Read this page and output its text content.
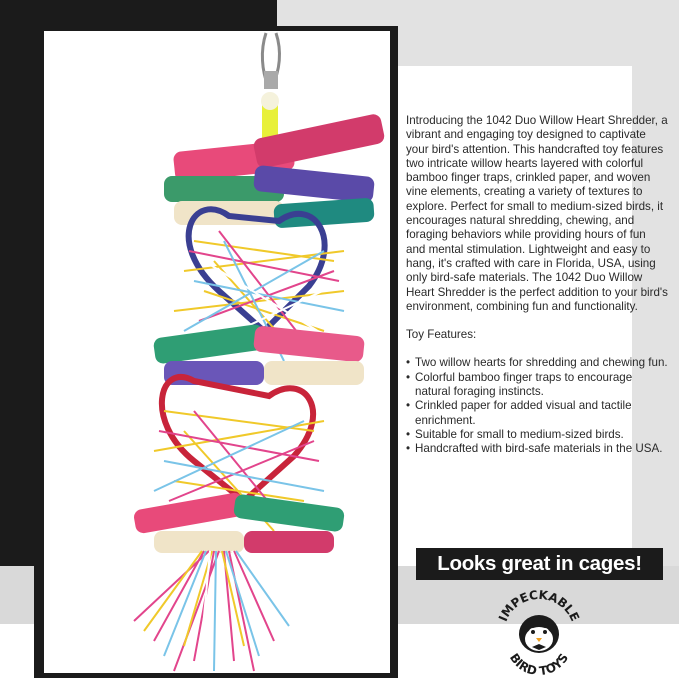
Introducing the 1042 Duo Willow Heart Shredder, a vibrant and engaging toy designed to captivate your bird's attention. This handcrafted toy features two intricate willow hearts layered with colorful bamboo finger traps, crinkled paper, and woven vine elements, creating a variety of textures to explore. Perfect for small to medium-sized birds, it encourages natural shredding, chewing, and foraging behaviors while providing hours of fun and mental stimulation. Lightweight and easy to hang, it's crafted with care in Florida, USA, using only bird-safe materials. The 1042 Duo Willow Heart Shredder is the perfect addition to your bird's environment, combining fun and functionality.

Toy Features:

• Two willow hearts for shredding and chewing fun.
• Colorful bamboo finger traps to encourage natural foraging instincts.
• Crinkled paper for added visual and tactile enrichment.
• Suitable for small to medium-sized birds.
• Handcrafted with bird-safe materials in the USA.
Looks great in cages!
IMPECKABLE
BIRD TOYS
